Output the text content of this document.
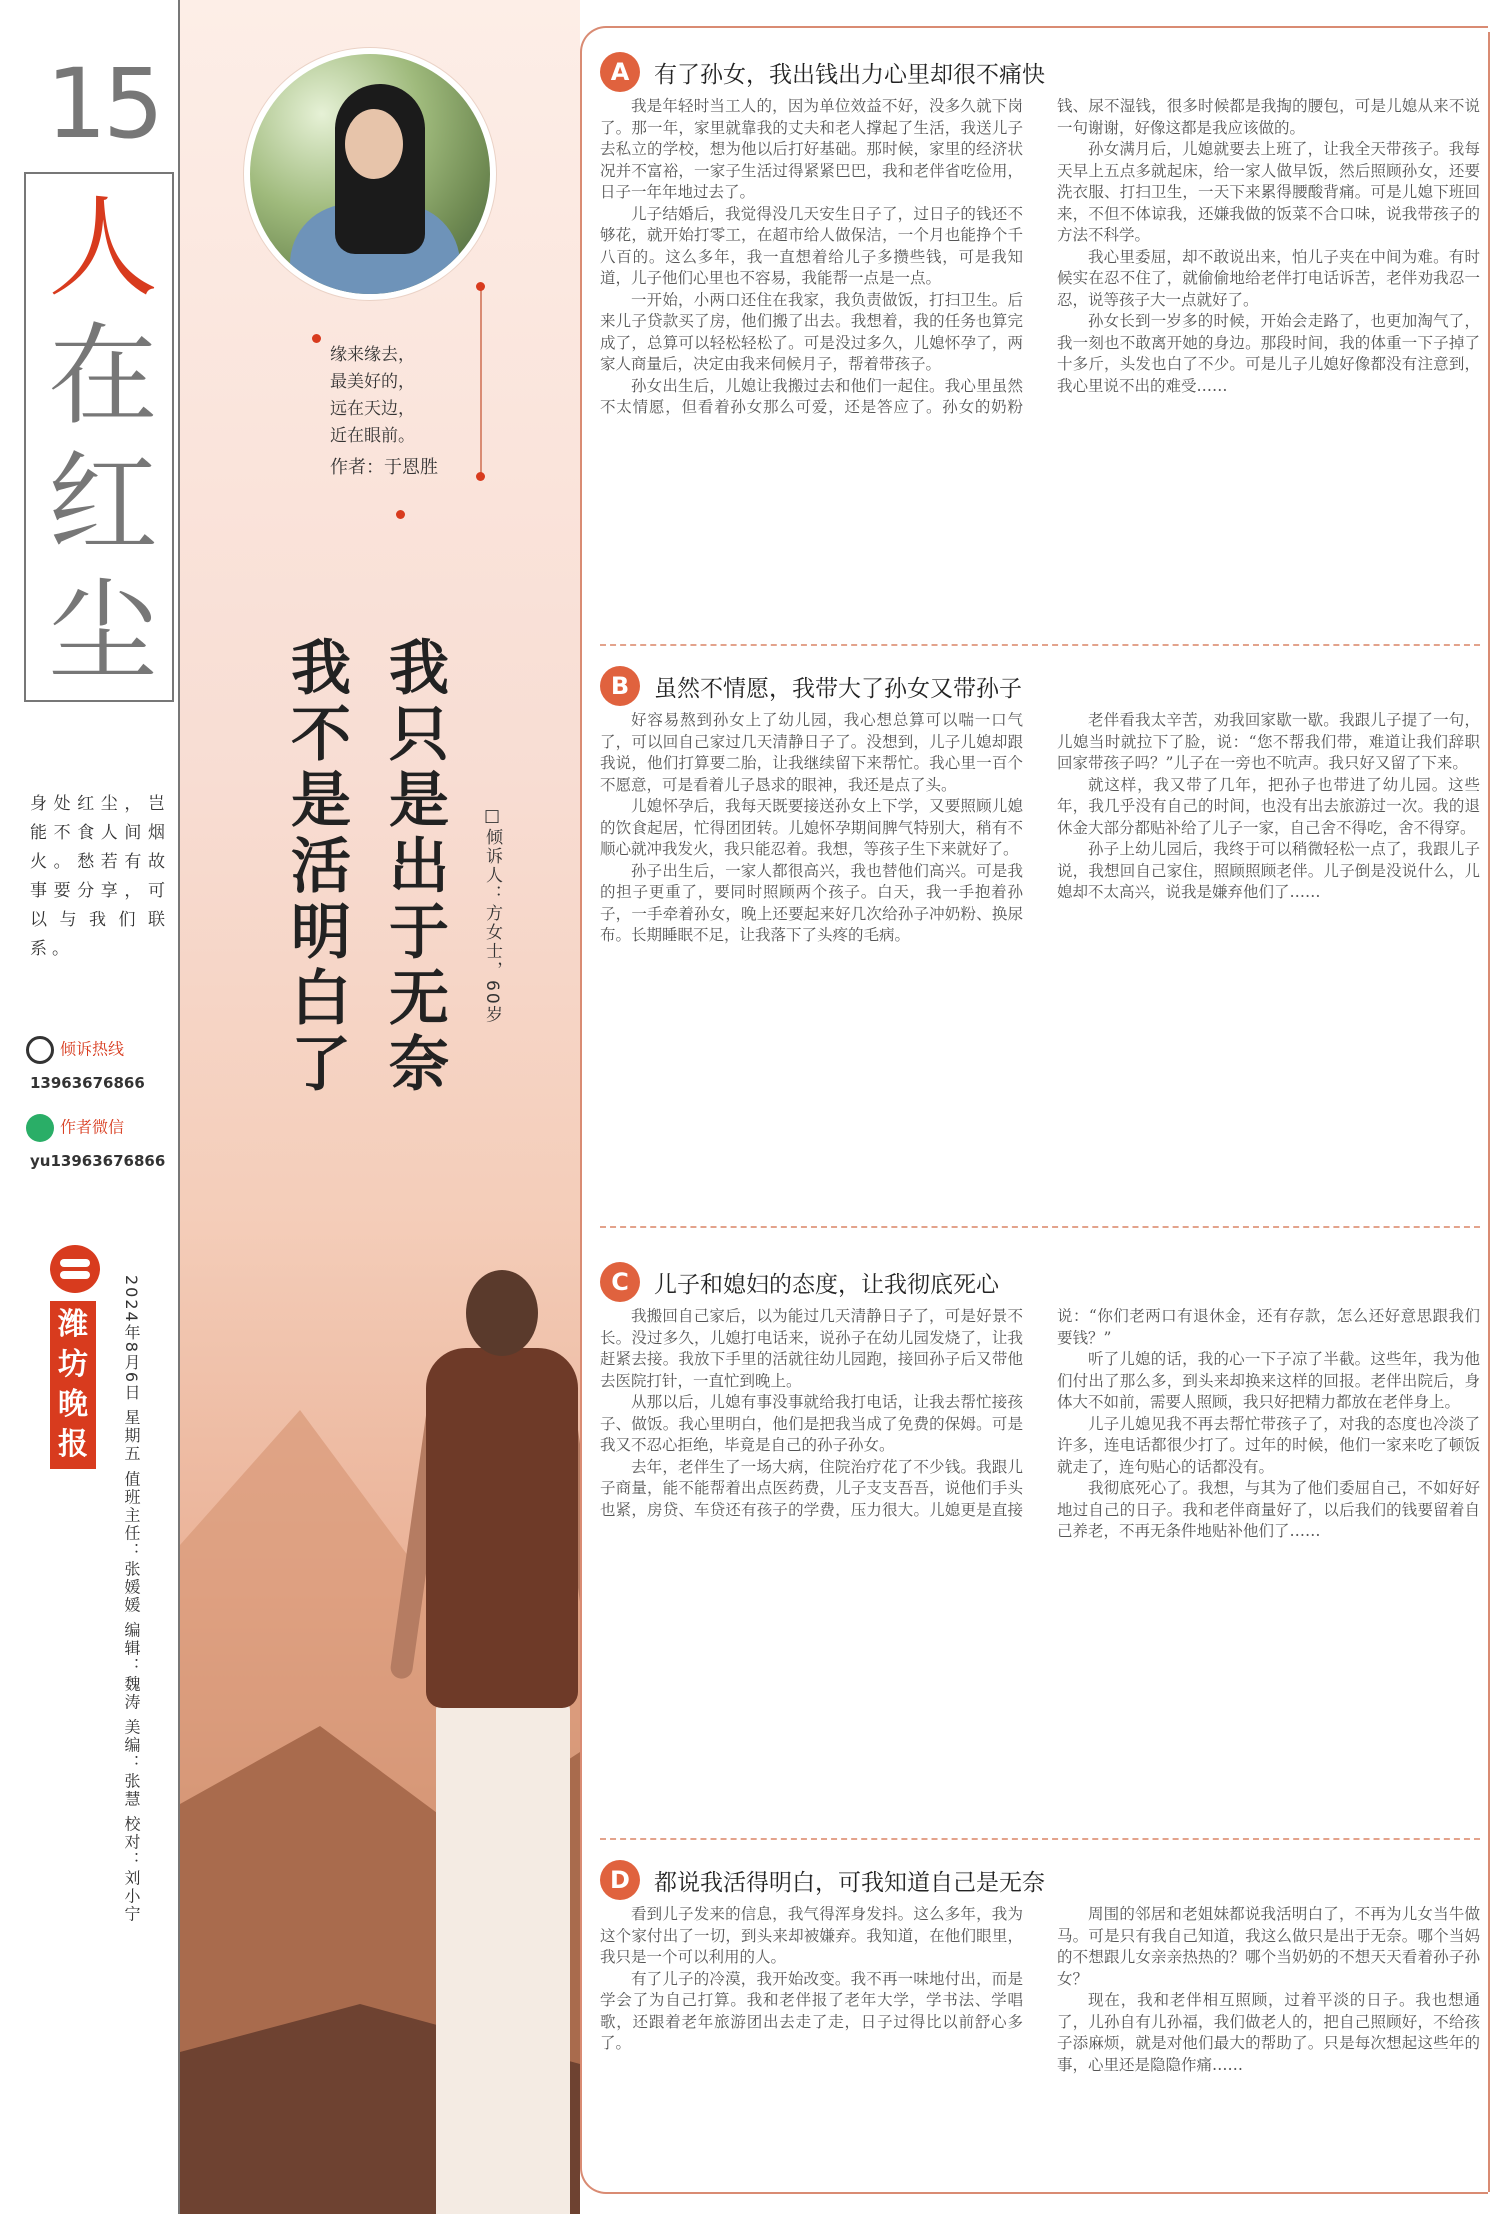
15
人
在
红
尘
身处红尘，岂能不食人间烟火。愁若有故事要分享，可以与我们联系。
倾诉热线
13963676866
作者微信
yu13963676866
潍
坊
晚
报	2024年8月6日 星期五 值班主任：张媛媛 编辑：魏涛 美编：张慧 校对：刘小宁
缘来缘去，
最美好的，
远在天边，
近在眼前。
作者：于恩胜
我只是出于无奈
我不是活明白了	□倾诉人：方女士，60岁
A	有了孙女，我出钱出力心里却很不痛快

我是年轻时当工人的，因为单位效益不好，没多久就下岗了。那一年，家里就靠我的丈夫和老人撑起了生活，我送儿子去私立的学校，想为他以后打好基础。那时候，家里的经济状况并不富裕，一家子生活过得紧紧巴巴，我和老伴省吃俭用，日子一年年地过去了。

儿子结婚后，我觉得没几天安生日子了，过日子的钱还不够花，就开始打零工，在超市给人做保洁，一个月也能挣个千八百的。这么多年，我一直想着给儿子多攒些钱，可是我知道，儿子他们心里也不容易，我能帮一点是一点。

一开始，小两口还住在我家，我负责做饭，打扫卫生。后来儿子贷款买了房，他们搬了出去。我想着，我的任务也算完成了，总算可以轻松轻松了。可是没过多久，儿媳怀孕了，两家人商量后，决定由我来伺候月子，帮着带孩子。

孙女出生后，儿媳让我搬过去和他们一起住。我心里虽然不太情愿，但看着孙女那么可爱，还是答应了。孙女的奶粉钱、尿不湿钱，很多时候都是我掏的腰包，可是儿媳从来不说一句谢谢，好像这都是我应该做的。

孙女满月后，儿媳就要去上班了，让我全天带孩子。我每天早上五点多就起床，给一家人做早饭，然后照顾孙女，还要洗衣服、打扫卫生，一天下来累得腰酸背痛。可是儿媳下班回来，不但不体谅我，还嫌我做的饭菜不合口味，说我带孩子的方法不科学。

我心里委屈，却不敢说出来，怕儿子夹在中间为难。有时候实在忍不住了，就偷偷地给老伴打电话诉苦，老伴劝我忍一忍，说等孩子大一点就好了。

孙女长到一岁多的时候，开始会走路了，也更加淘气了，我一刻也不敢离开她的身边。那段时间，我的体重一下子掉了十多斤，头发也白了不少。可是儿子儿媳好像都没有注意到，我心里说不出的难受……

B	虽然不情愿，我带大了孙女又带孙子

好容易熬到孙女上了幼儿园，我心想总算可以喘一口气了，可以回自己家过几天清静日子了。没想到，儿子儿媳却跟我说，他们打算要二胎，让我继续留下来帮忙。我心里一百个不愿意，可是看着儿子恳求的眼神，我还是点了头。

儿媳怀孕后，我每天既要接送孙女上下学，又要照顾儿媳的饮食起居，忙得团团转。儿媳怀孕期间脾气特别大，稍有不顺心就冲我发火，我只能忍着。我想，等孩子生下来就好了。

孙子出生后，一家人都很高兴，我也替他们高兴。可是我的担子更重了，要同时照顾两个孩子。白天，我一手抱着孙子，一手牵着孙女，晚上还要起来好几次给孙子冲奶粉、换尿布。长期睡眠不足，让我落下了头疼的毛病。

老伴看我太辛苦，劝我回家歇一歇。我跟儿子提了一句，儿媳当时就拉下了脸，说：“您不帮我们带，难道让我们辞职回家带孩子吗？”儿子在一旁也不吭声。我只好又留了下来。

就这样，我又带了几年，把孙子也带进了幼儿园。这些年，我几乎没有自己的时间，也没有出去旅游过一次。我的退休金大部分都贴补给了儿子一家，自己舍不得吃，舍不得穿。

孙子上幼儿园后，我终于可以稍微轻松一点了，我跟儿子说，我想回自己家住，照顾照顾老伴。儿子倒是没说什么，儿媳却不太高兴，说我是嫌弃他们了……

C	儿子和媳妇的态度，让我彻底死心

我搬回自己家后，以为能过几天清静日子了，可是好景不长。没过多久，儿媳打电话来，说孙子在幼儿园发烧了，让我赶紧去接。我放下手里的活就往幼儿园跑，接回孙子后又带他去医院打针，一直忙到晚上。

从那以后，儿媳有事没事就给我打电话，让我去帮忙接孩子、做饭。我心里明白，他们是把我当成了免费的保姆。可是我又不忍心拒绝，毕竟是自己的孙子孙女。

去年，老伴生了一场大病，住院治疗花了不少钱。我跟儿子商量，能不能帮着出点医药费，儿子支支吾吾，说他们手头也紧，房贷、车贷还有孩子的学费，压力很大。儿媳更是直接说：“你们老两口有退休金，还有存款，怎么还好意思跟我们要钱？”

听了儿媳的话，我的心一下子凉了半截。这些年，我为他们付出了那么多，到头来却换来这样的回报。老伴出院后，身体大不如前，需要人照顾，我只好把精力都放在老伴身上。

儿子儿媳见我不再去帮忙带孩子了，对我的态度也冷淡了许多，连电话都很少打了。过年的时候，他们一家来吃了顿饭就走了，连句贴心的话都没有。

我彻底死心了。我想，与其为了他们委屈自己，不如好好地过自己的日子。我和老伴商量好了，以后我们的钱要留着自己养老，不再无条件地贴补他们了……

D	都说我活得明白，可我知道自己是无奈

看到儿子发来的信息，我气得浑身发抖。这么多年，我为这个家付出了一切，到头来却被嫌弃。我知道，在他们眼里，我只是一个可以利用的人。

有了儿子的冷漠，我开始改变。我不再一味地付出，而是学会了为自己打算。我和老伴报了老年大学，学书法、学唱歌，还跟着老年旅游团出去走了走，日子过得比以前舒心多了。

周围的邻居和老姐妹都说我活明白了，不再为儿女当牛做马。可是只有我自己知道，我这么做只是出于无奈。哪个当妈的不想跟儿女亲亲热热的？哪个当奶奶的不想天天看着孙子孙女？

现在，我和老伴相互照顾，过着平淡的日子。我也想通了，儿孙自有儿孙福，我们做老人的，把自己照顾好，不给孩子添麻烦，就是对他们最大的帮助了。只是每次想起这些年的事，心里还是隐隐作痛……
